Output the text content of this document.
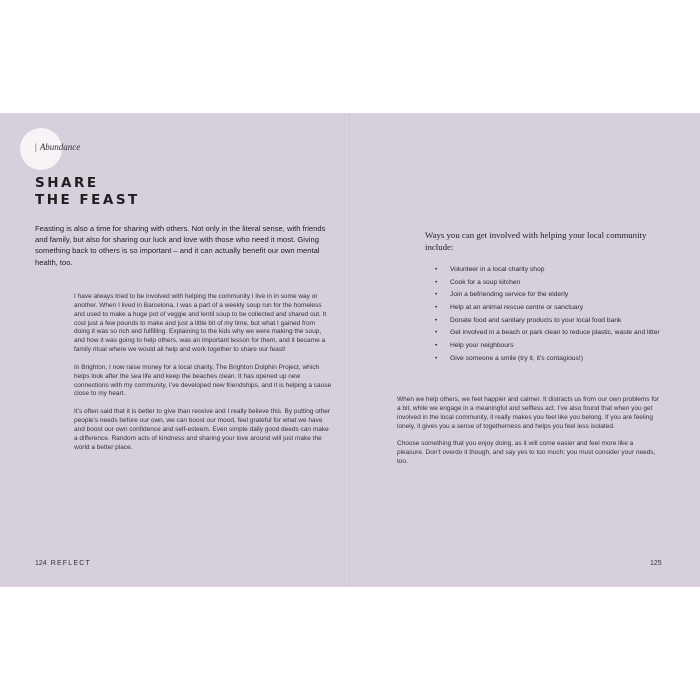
| Abundance
SHARE
THE FEAST
Feasting is also a time for sharing with others. Not only in the literal sense, with friends and family, but also for sharing our luck and love with those who need it most. Giving something back to others is so important – and it can actually benefit our own mental health, too.

I have always tried to be involved with helping the community I live in in some way or another. When I lived in Barcelona, I was a part of a weekly soup run for the homeless and used to make a huge pot of veggie and lentil soup to be collected and shared out. It cost just a few pounds to make and just a little bit of my time, but what I gained from doing it was so rich and fulfilling. Explaining to the kids why we were making the soup, and how it was going to help others, was an important lesson for them, and it became a family ritual where we would all help and work together to share our feast!

In Brighton, I now raise money for a local charity, The Brighton Dolphin Project, which helps look after the sea life and keep the beaches clean. It has opened up new connections with my community, I’ve developed new friendships, and it is helping a cause close to my heart.

It’s often said that it is better to give than receive and I really believe this. By putting other people’s needs before our own, we can boost our mood, feel grateful for what we have and boost our own confidence and self-esteem. Even simple daily good deeds can make a difference. Random acts of kindness and sharing your love around will just make the world a better place.

124 REFLECT
Ways you can get involved with helping your local community include:
• Volunteer in a local charity shop
• Cook for a soup kitchen
• Join a befriending service for the elderly
• Help at an animal rescue centre or sanctuary
• Donate food and sanitary products to your local food bank
• Get involved in a beach or park clean to reduce plastic, waste and litter
• Help your neighbours
• Give someone a smile (try it, it’s contagious!)

When we help others, we feel happier and calmer. It distracts us from our own problems for a bit, while we engage in a meaningful and selfless act. I’ve also found that when you get involved in the local community, it really makes you feel like you belong. If you are feeling lonely, it gives you a sense of togetherness and helps you feel less isolated.

Choose something that you enjoy doing, as it will come easier and feel more like a pleasure. Don’t overdo it though, and say yes to too much; you must consider your needs, too.

125
